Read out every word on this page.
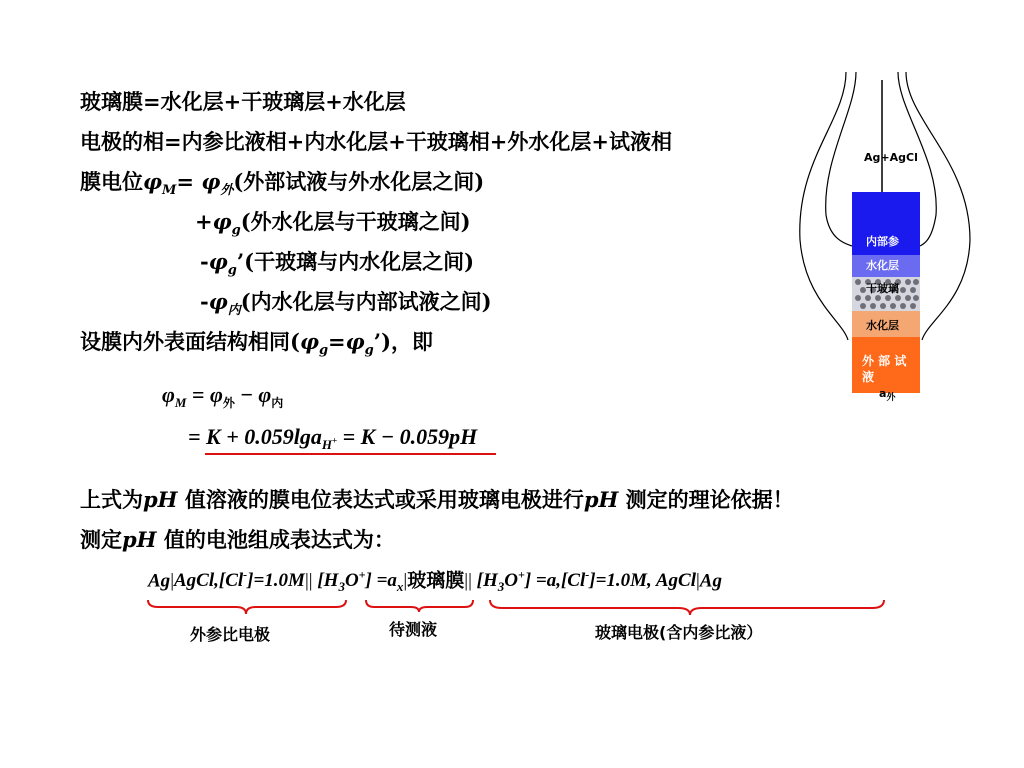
玻璃膜=水化层+干玻璃层+水化层
电极的相=内参比液相+内水化层+干玻璃相+外水化层+试液相
膜电位$\varphi_M= \varphi_外$(外部试液与外水化层之间)
$+\varphi_g$(外水化层与干玻璃之间)
$-\varphi_g$’(干玻璃与内水化层之间)
$-\varphi_内$(内水化层与内部试液之间)
设膜内外表面结构相同$(\varphi_g=\varphi_g’)$，即
$\varphi_M = \varphi_外 - \varphi_内$
= K + 0.059lga$_{H^+}$ = K − 0.059pH
上式为pH 值溶液的膜电位表达式或采用玻璃电极进行pH 测定的理论依据！
测定pH 值的电池组成表达式为：
Ag|AgCl,[Cl-]=1.0M|| $[H_3O^+] =a_x|$玻璃膜|| $[H_3O^+] =a,[Cl^-]=1.0M$, AgCl|Ag
外参比电极	待测液	玻璃电极(含内参比液）
Ag+AgCl
内部参
水化层
干玻璃
水化层
外 部 试 液
$a_外$
